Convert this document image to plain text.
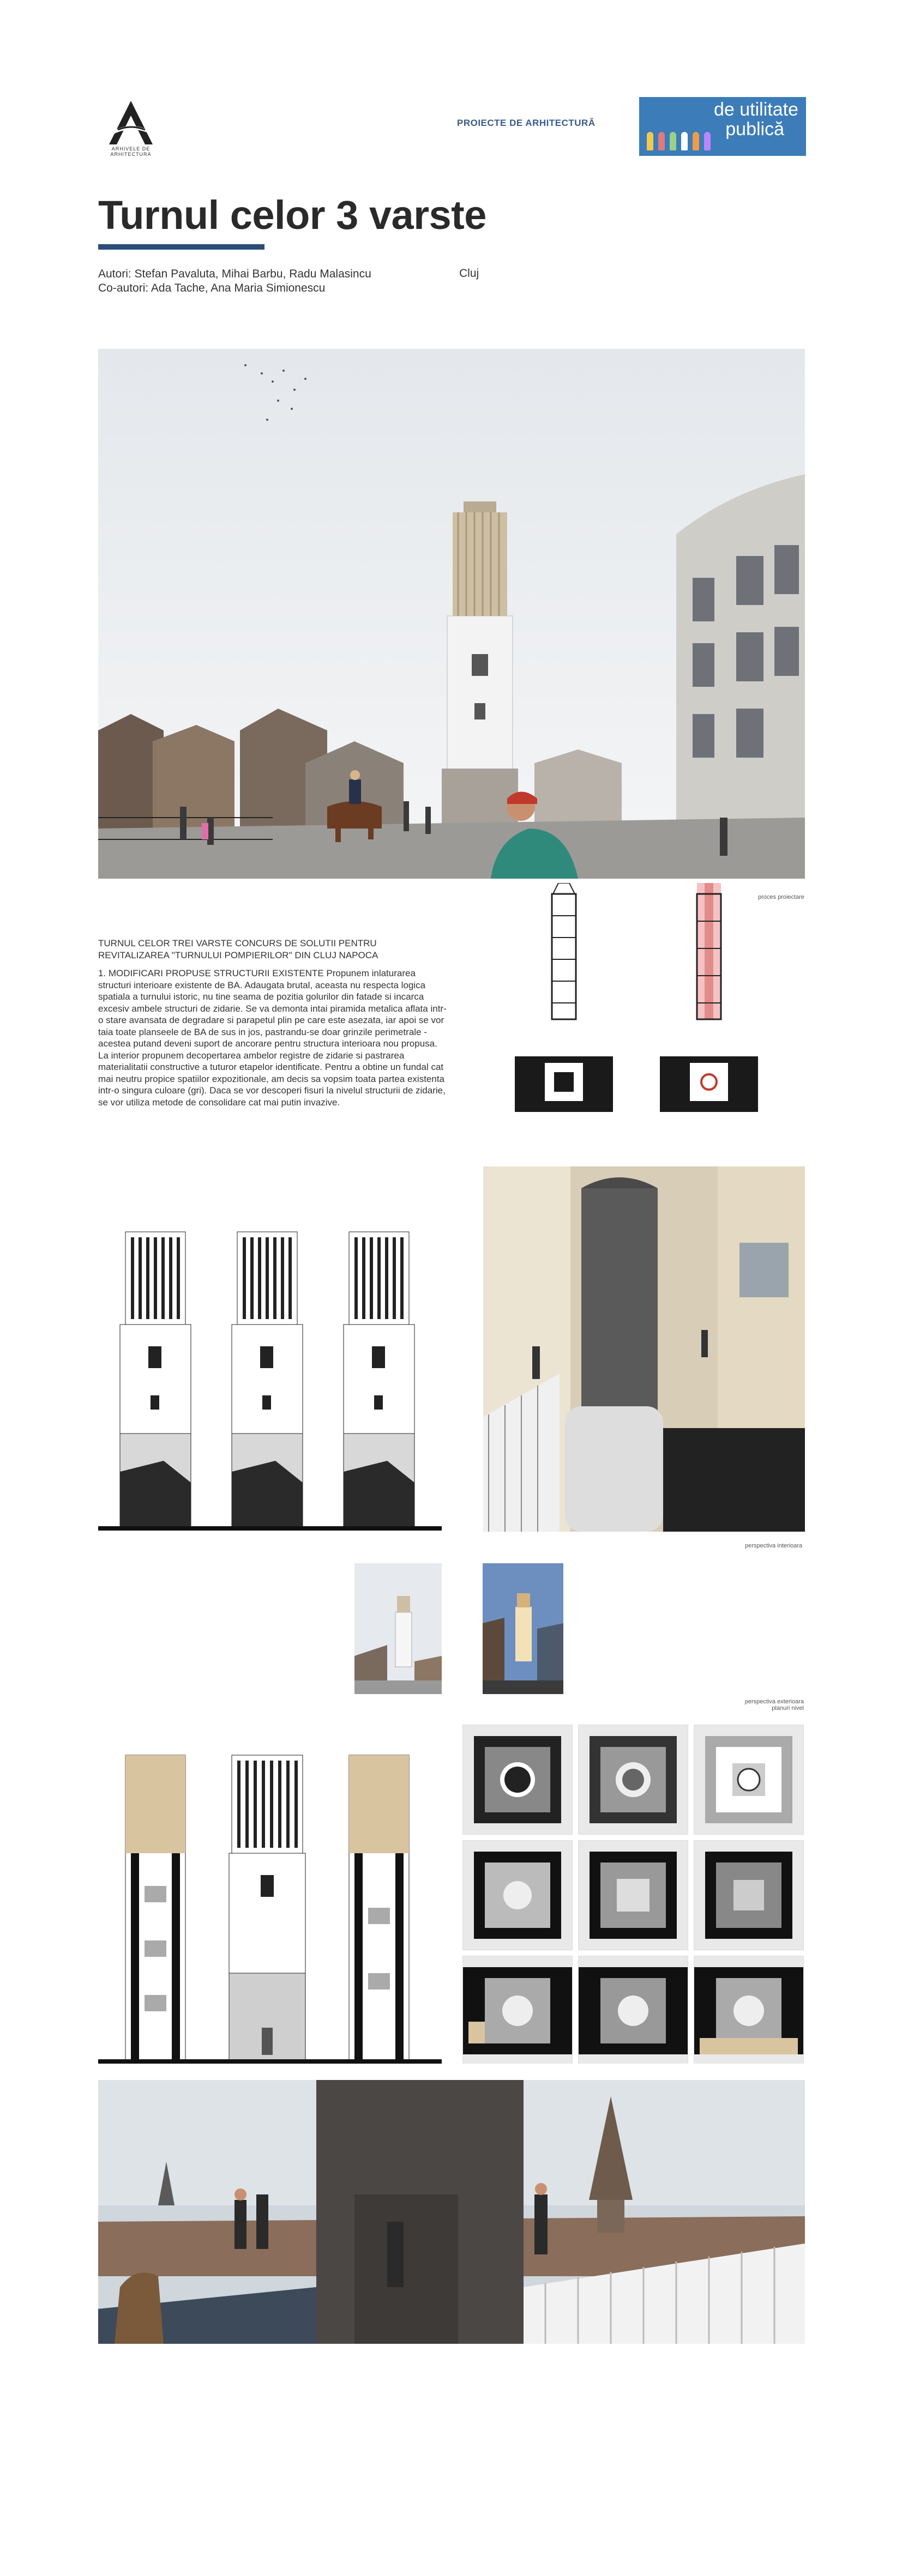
ARHIVELE DE ARHITECTURA
PROIECTE DE ARHITECTURĂ
de utilitate
publică
Turnul celor 3 varste
Autori: Stefan Pavaluta, Mihai Barbu, Radu Malasincu
Co-autori: Ada Tache, Ana Maria Simionescu
Cluj

TURNUL CELOR TREI VARSTE CONCURS DE SOLUTII PENTRU REVITALIZAREA "TURNULUI POMPIERILOR" DIN CLUJ NAPOCA

1. MODIFICARI PROPUSE STRUCTURII EXISTENTE Propunem inlaturarea structuri interioare existente de BA. Adaugata brutal, aceasta nu respecta logica spatiala a turnului istoric, nu tine seama de pozitia golurilor din fatade si incarca excesiv ambele structuri de zidarie. Se va demonta intai piramida metalica aflata intr-o stare avansata de degradare si parapetul plin pe care este asezata, iar apoi se vor taia toate planseele de BA de sus in jos, pastrandu-se doar grinzile perimetrale - acestea putand deveni suport de ancorare pentru structura interioara nou propusa. La interior propunem decopertarea ambelor registre de zidarie si pastrarea materialitatii constructive a tuturor etapelor identificate. Pentru a obtine un fundal cat mai neutru propice spatiilor expozitionale, am decis sa vopsim toata partea existenta intr-o singura culoare (gri). Daca se vor descoperi fisuri la nivelul structurii de zidarie, se vor utiliza metode de consolidare cat mai putin invazive.

proces proiectare
perspectiva interioara
perspectiva exterioara
planuri nivel
